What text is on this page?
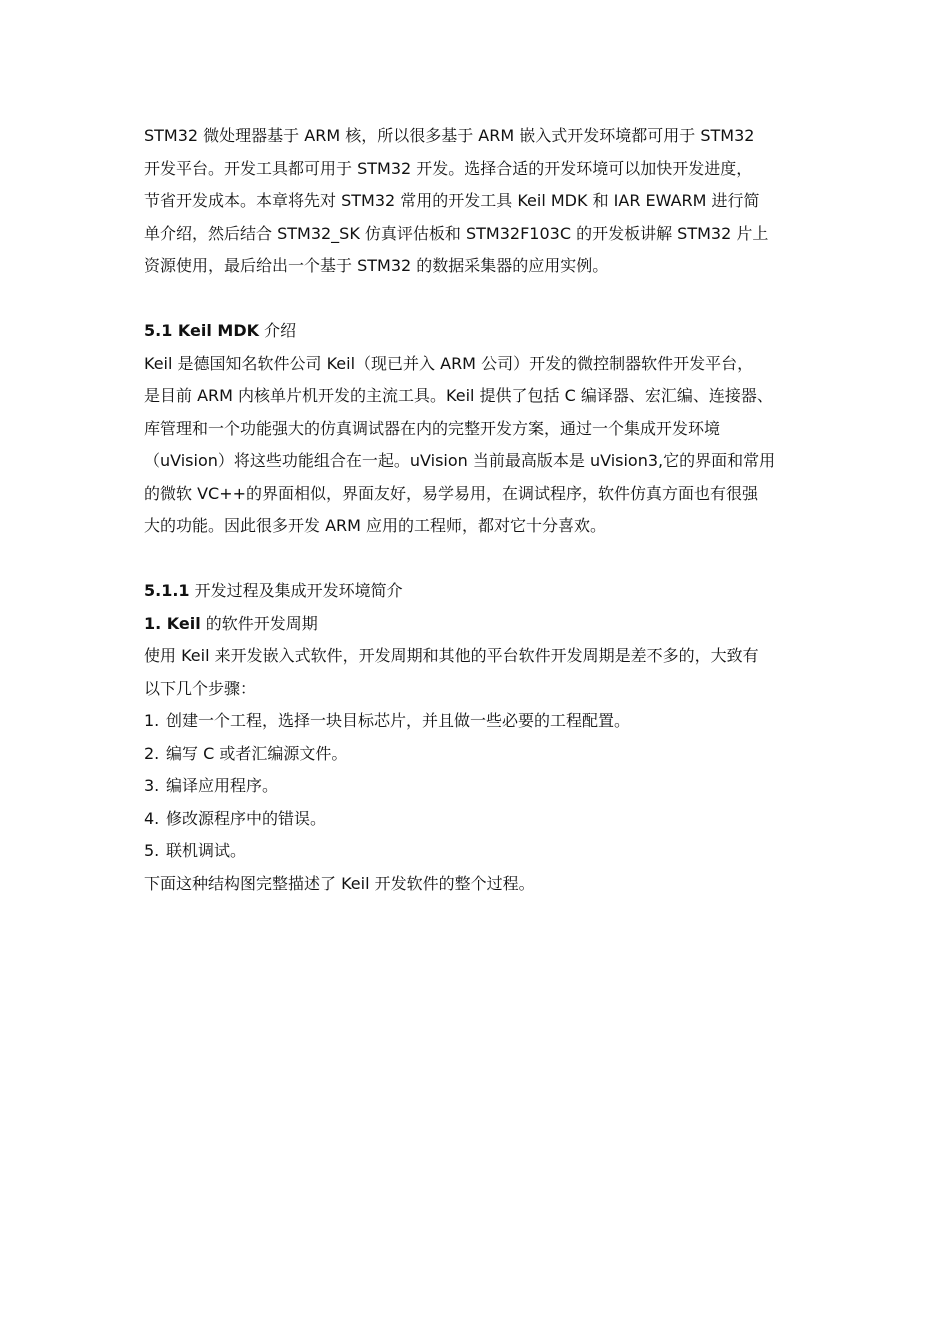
STM32 微处理器基于 ARM 核，所以很多基于 ARM 嵌入式开发环境都可用于 STM32
开发平台。开发工具都可用于 STM32 开发。选择合适的开发环境可以加快开发进度，
节省开发成本。本章将先对 STM32 常用的开发工具 Keil MDK 和 IAR EWARM 进行简
单介绍，然后结合 STM32_SK 仿真评估板和 STM32F103C 的开发板讲解 STM32 片上
资源使用，最后给出一个基于 STM32 的数据采集器的应用实例。
5.1 Keil MDK 介绍
Keil 是德国知名软件公司 Keil（现已并入 ARM 公司）开发的微控制器软件开发平台，
是目前 ARM 内核单片机开发的主流工具。Keil 提供了包括 C 编译器、宏汇编、连接器、
库管理和一个功能强大的仿真调试器在内的完整开发方案，通过一个集成开发环境
（uVision）将这些功能组合在一起。uVision 当前最高版本是 uVision3,它的界面和常用
的微软 VC++的界面相似，界面友好，易学易用，在调试程序，软件仿真方面也有很强
大的功能。因此很多开发 ARM 应用的工程师，都对它十分喜欢。
5.1.1 开发过程及集成开发环境简介
1. Keil 的软件开发周期
使用 Keil 来开发嵌入式软件，开发周期和其他的平台软件开发周期是差不多的，大致有
以下几个步骤：
1. 创建一个工程，选择一块目标芯片，并且做一些必要的工程配置。
2. 编写 C 或者汇编源文件。
3. 编译应用程序。
4. 修改源程序中的错误。
5. 联机调试。
下面这种结构图完整描述了 Keil 开发软件的整个过程。
